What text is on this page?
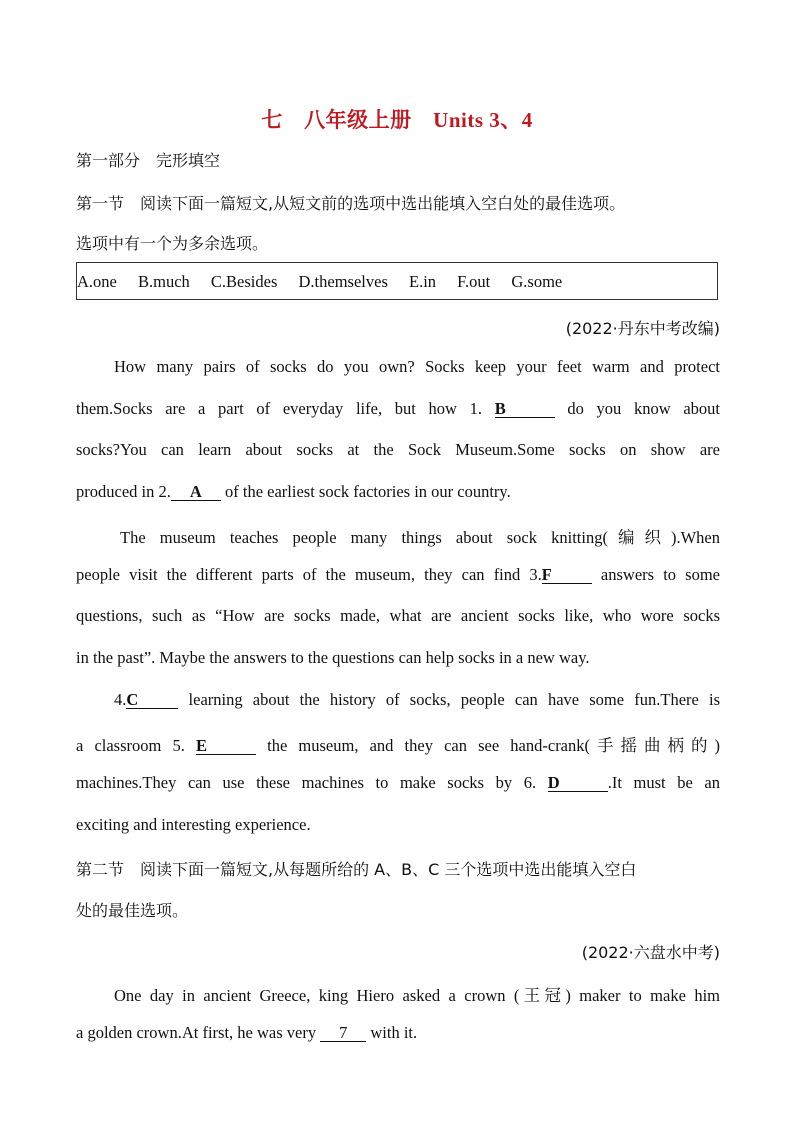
七　八年级上册　Units 3、4
第一部分　完形填空
第一节　阅读下面一篇短文,从短文前的选项中选出能填入空白处的最佳选项。
选项中有一个为多余选项。
A.one B.much C.Besides D.themselves E.in F.out G.some
(2022·丹东中考改编)
How many pairs of socks do you own? Socks keep your feet warm and protect
them.Socks are a part of everyday life, but how 1. B	do you know about
socks?You can learn about socks at the Sock Museum.Some socks on show are
produced in 2. A of the earliest sock factories in our country.
The museum teaches people many things about sock knitting(编织).When
people visit the different parts of the museum, they can find 3.F	answers to some
questions, such as “How are socks made, what are ancient socks like, who wore socks
in the past”. Maybe the answers to the questions can help socks in a new way.
4.C	learning about the history of socks, people can have some fun.There is
a classroom 5. E	the museum, and they can see hand-crank(手摇曲柄的)
machines.They can use these machines to make socks by 6. D	.It must be an
exciting and interesting experience.
第二节　阅读下面一篇短文,从每题所给的 A、B、C 三个选项中选出能填入空白
处的最佳选项。
(2022·六盘水中考)
One day in ancient Greece, king Hiero asked a crown (王冠) maker to make him
a golden crown.At first, he was very 7 with it.
